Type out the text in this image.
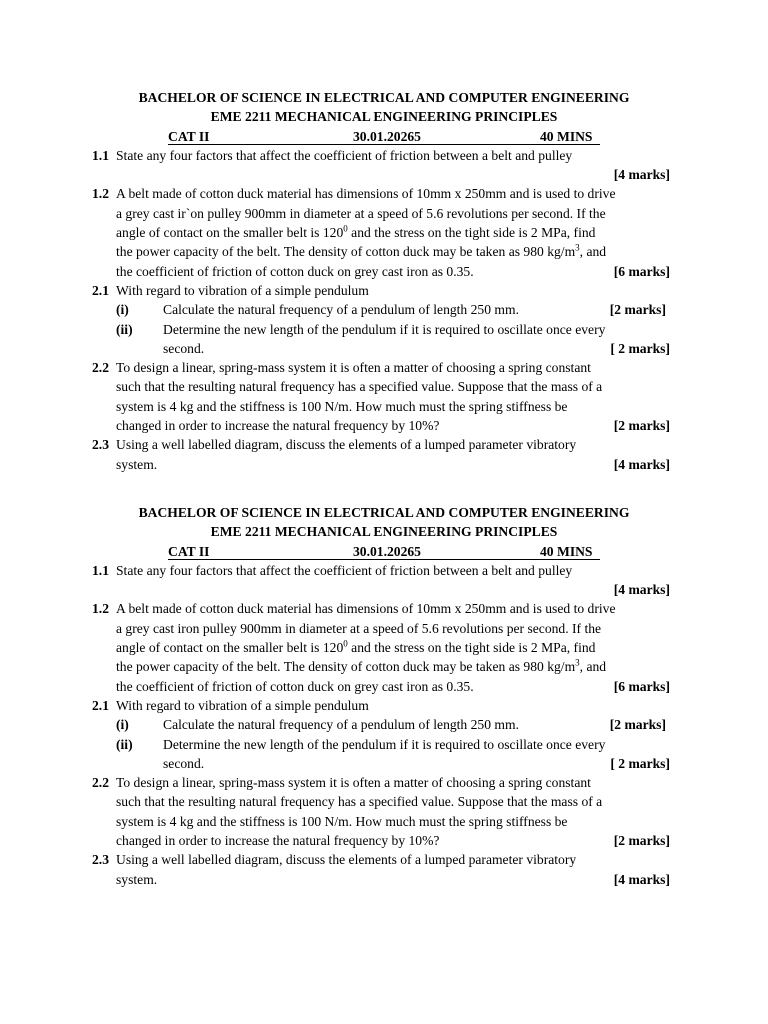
BACHELOR OF SCIENCE IN ELECTRICAL AND COMPUTER ENGINEERING
EME 2211 MECHANICAL ENGINEERING PRINCIPLES
CAT II	30.01.20265	40 MINS
1.1 State any four factors that affect the coefficient of friction between a belt and pulley
[4 marks]
1.2 A belt made of cotton duck material has dimensions of 10mm x 250mm and is used to drive
a grey cast ir`on pulley 900mm in diameter at a speed of 5.6 revolutions per second. If the
angle of contact on the smaller belt is $120^0$ and the stress on the tight side is 2 MPa, find
the power capacity of the belt. The density of cotton duck may be taken as 980 $kg/m^3$, and
the coefficient of friction of cotton duck on grey cast iron as 0.35.	[6 marks]
2.1 With regard to vibration of a simple pendulum
(i)	Calculate the natural frequency of a pendulum of length 250 mm.	[2 marks]
(ii) Determine the new length of the pendulum if it is required to oscillate once every
second.	[ 2 marks]
2.2 To design a linear, spring-mass system it is often a matter of choosing a spring constant
such that the resulting natural frequency has a specified value. Suppose that the mass of a
system is 4 kg and the stiffness is 100 N/m. How much must the spring stiffness be
changed in order to increase the natural frequency by 10%?	[2 marks]
2.3 Using a well labelled diagram, discuss the elements of a lumped parameter vibratory
system.	[4 marks]
BACHELOR OF SCIENCE IN ELECTRICAL AND COMPUTER ENGINEERING
EME 2211 MECHANICAL ENGINEERING PRINCIPLES
CAT II	30.01.20265	40 MINS
1.1 State any four factors that affect the coefficient of friction between a belt and pulley
[4 marks]
1.2 A belt made of cotton duck material has dimensions of 10mm x 250mm and is used to drive
a grey cast iron pulley 900mm in diameter at a speed of 5.6 revolutions per second. If the
angle of contact on the smaller belt is $120^0$ and the stress on the tight side is 2 MPa, find
the power capacity of the belt. The density of cotton duck may be taken as 980 $kg/m^3$, and
the coefficient of friction of cotton duck on grey cast iron as 0.35.	[6 marks]
2.1 With regard to vibration of a simple pendulum
(i)	Calculate the natural frequency of a pendulum of length 250 mm.	[2 marks]
(ii) Determine the new length of the pendulum if it is required to oscillate once every
second.	[ 2 marks]
2.2 To design a linear, spring-mass system it is often a matter of choosing a spring constant
such that the resulting natural frequency has a specified value. Suppose that the mass of a
system is 4 kg and the stiffness is 100 N/m. How much must the spring stiffness be
changed in order to increase the natural frequency by 10%?	[2 marks]
2.3 Using a well labelled diagram, discuss the elements of a lumped parameter vibratory
system.	[4 marks]
